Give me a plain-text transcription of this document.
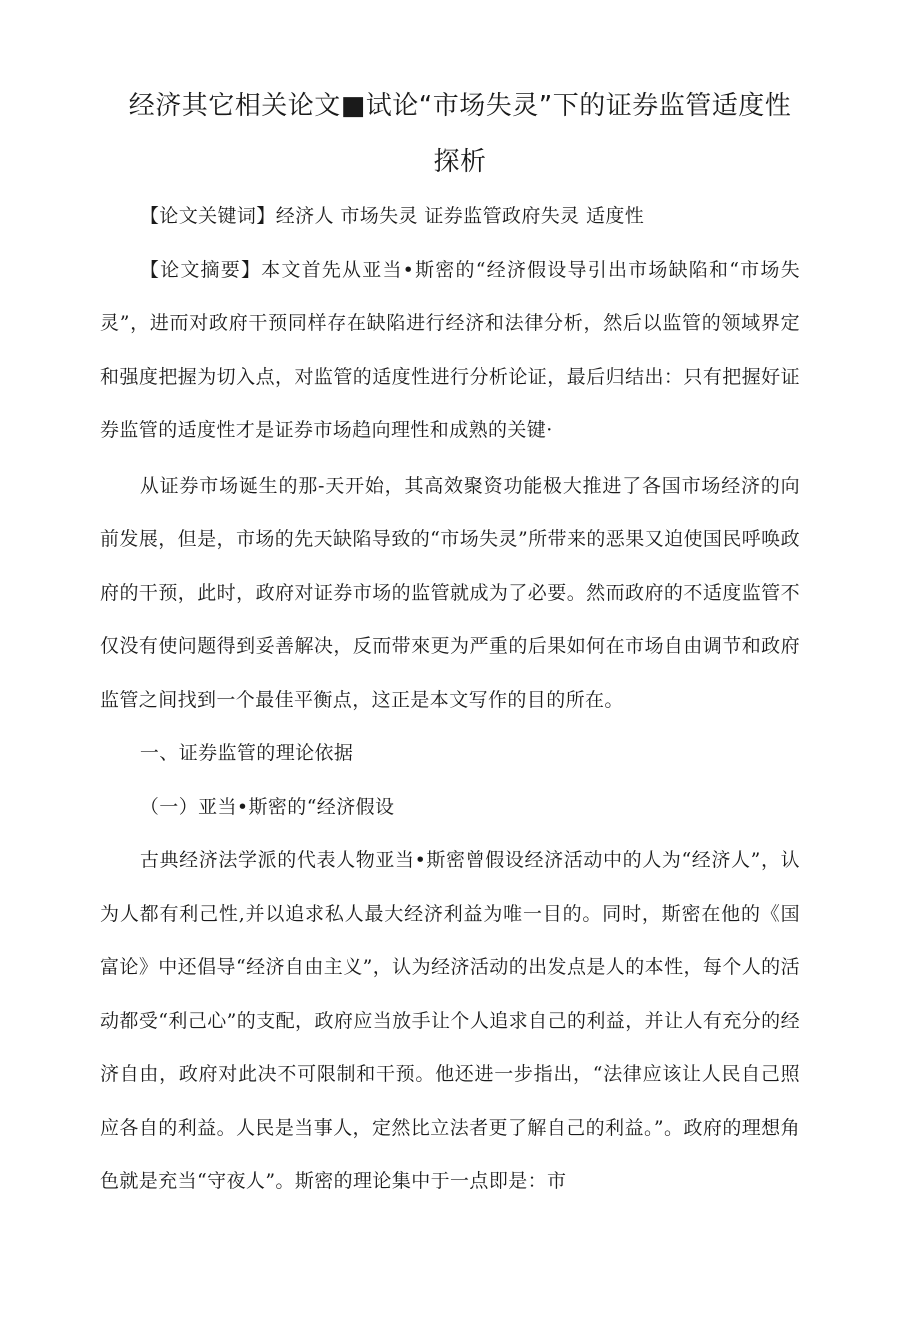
经济其它相关论文■试论“市场失灵”下的证券监管适度性
探析

【论文关键词】经济人 市场失灵 证券监管政府失灵 适度性

【论文摘要】本文首先从亚当•斯密的“经济假设导引出市场缺陷和“市场失灵”，进而对政府干预同样存在缺陷进行经济和法律分析，然后以监管的领域界定和强度把握为切入点，对监管的适度性进行分析论证，最后归结出：只有把握好证券监管的适度性才是证券市场趋向理性和成熟的关键·

从证券市场诞生的那-天开始，其高效聚资功能极大推进了各国市场经济的向前发展，但是，市场的先天缺陷导致的“市场失灵”所带来的恶果又迫使国民呼唤政府的干预，此时，政府对证券市场的监管就成为了必要。然而政府的不适度监管不仅没有使问题得到妥善解决，反而带來更为严重的后果如何在市场自由调节和政府监管之间找到一个最佳平衡点，这正是本文写作的目的所在。

一、证券监管的理论依据

（一）亚当•斯密的“经济假设

古典经济法学派的代表人物亚当•斯密曾假设经济活动中的人为“经济人”，认为人都有利己性,并以追求私人最大经济利益为唯一目的。同时，斯密在他的《国富论》中还倡导“经济自由主义”，认为经济活动的出发点是人的本性，每个人的活动都受“利己心”的支配，政府应当放手让个人追求自己的利益，并让人有充分的经济自由，政府对此决不可限制和干预。他还进一步指出，“法律应该让人民自己照应各自的利益。人民是当事人，定然比立法者更了解自己的利益。”。政府的理想角色就是充当“守夜人”。斯密的理论集中于一点即是：市
